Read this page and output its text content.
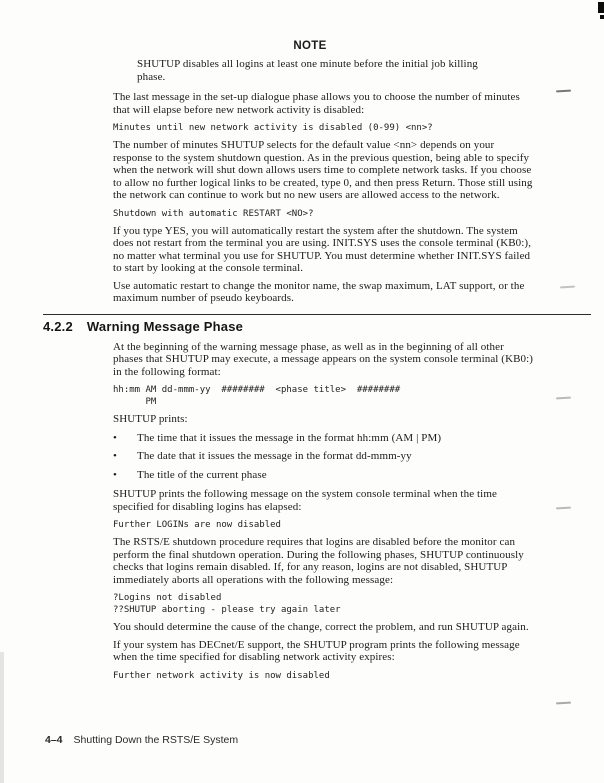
NOTE
SHUTUP disables all logins at least one minute before the initial job killing phase.
The last message in the set-up dialogue phase allows you to choose the number of minutes that will elapse before new network activity is disabled:
Minutes until new network activity is disabled (0-99) <nn>?
The number of minutes SHUTUP selects for the default value <nn> depends on your response to the system shutdown question. As in the previous question, being able to specify when the network will shut down allows users time to complete network tasks. If you choose to allow no further logical links to be created, type 0, and then press Return. Those still using the network can continue to work but no new users are allowed access to the network.
Shutdown with automatic RESTART <NO>?
If you type YES, you will automatically restart the system after the shutdown. The system does not restart from the terminal you are using. INIT.SYS uses the console terminal (KB0:), no matter what terminal you use for SHUTUP. You must determine whether INIT.SYS failed to start by looking at the console terminal.
Use automatic restart to change the monitor name, the swap maximum, LAT support, or the maximum number of pseudo keyboards.
4.2.2 Warning Message Phase
At the beginning of the warning message phase, as well as in the beginning of all other phases that SHUTUP may execute, a message appears on the system console terminal (KB0:) in the following format:
hh:mm AM dd-mmm-yy  ########  <phase title>  ########
PM
SHUTUP prints:
•	The time that it issues the message in the format hh:mm (AM | PM)
•	The date that it issues the message in the format dd-mmm-yy
•	The title of the current phase
SHUTUP prints the following message on the system console terminal when the time specified for disabling logins has elapsed:
Further LOGINs are now disabled
The RSTS/E shutdown procedure requires that logins are disabled before the monitor can perform the final shutdown operation. During the following phases, SHUTUP continuously checks that logins remain disabled. If, for any reason, logins are not disabled, SHUTUP immediately aborts all operations with the following message:
?Logins not disabled
??SHUTUP aborting - please try again later
You should determine the cause of the change, correct the problem, and run SHUTUP again.
If your system has DECnet/E support, the SHUTUP program prints the following message when the time specified for disabling network activity expires:
Further network activity is now disabled
4–4 Shutting Down the RSTS/E System
